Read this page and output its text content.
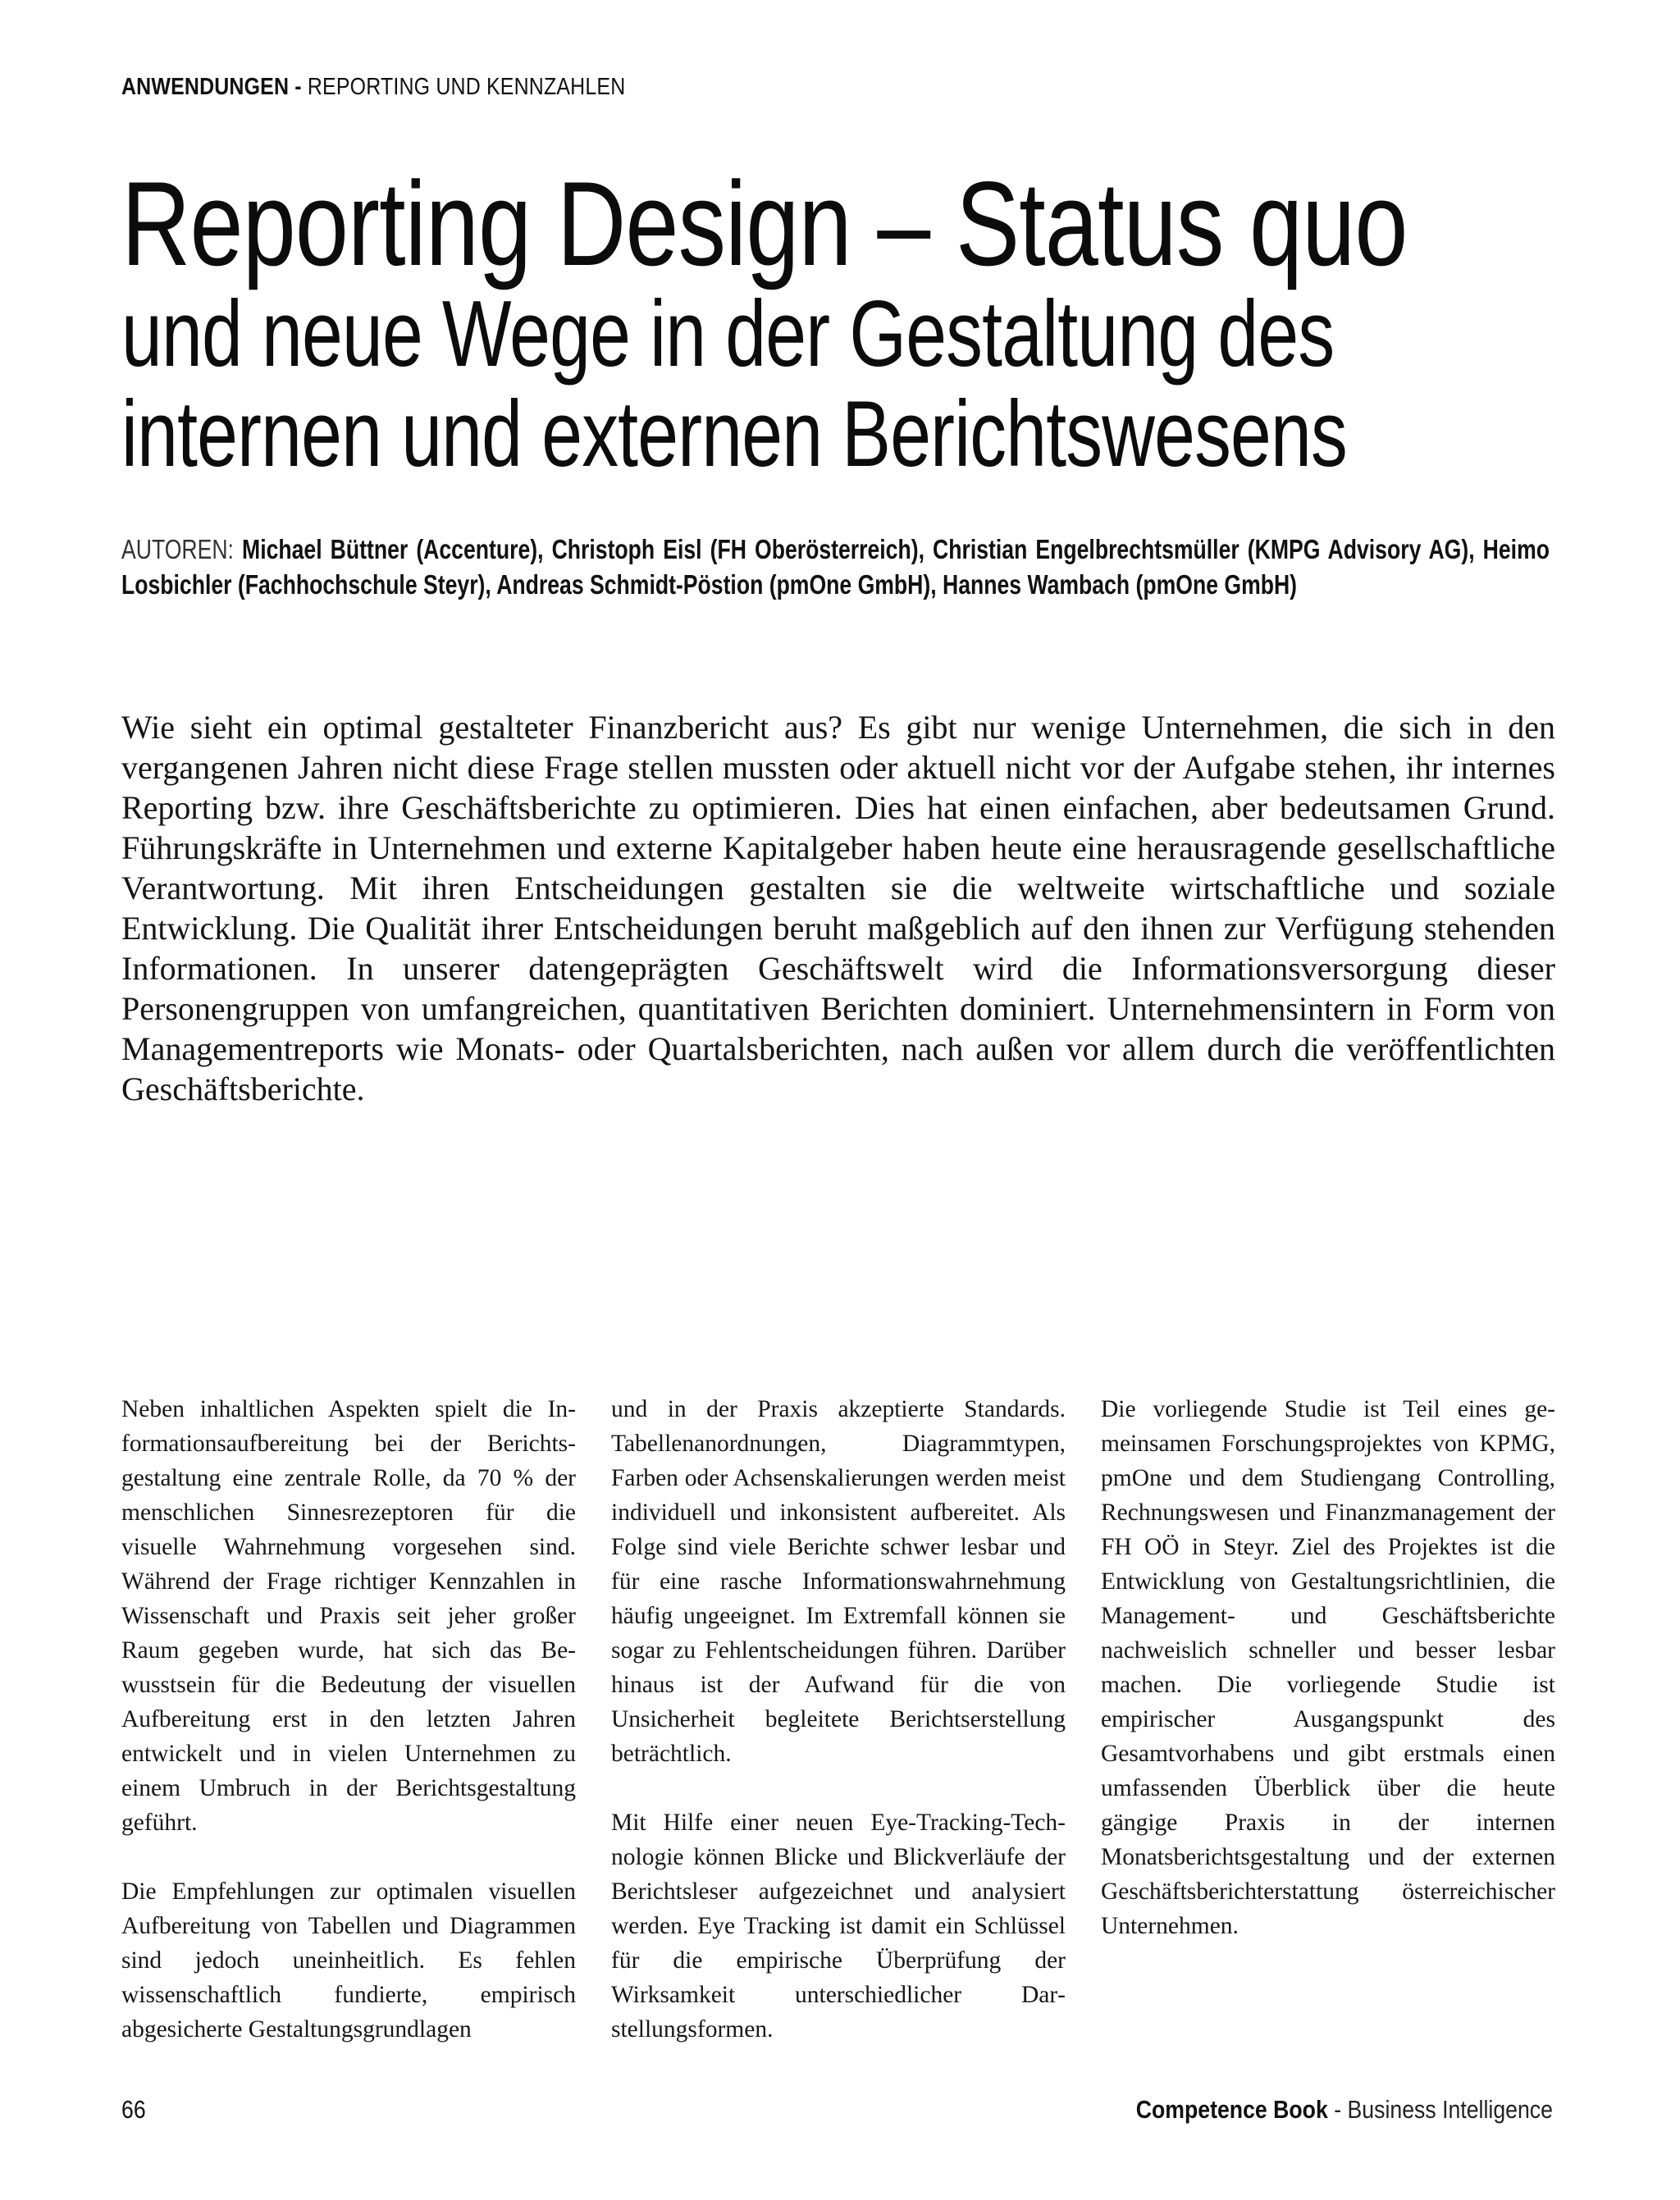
ANWENDUNGEN - REPORTING UND KENNZAHLEN
Reporting Design – Status quo
und neue Wege in der Gestaltung des
internen und externen Berichtswesens
AUTOREN: Michael Büttner (Accenture), Christoph Eisl (FH Oberösterreich), Christian Engelbrechtsmüller (KMPG Advisory AG), Heimo Losbichler (Fachhochschule Steyr), Andreas Schmidt-Pöstion (pmOne GmbH), Hannes Wambach (pmOne GmbH)

Wie sieht ein optimal gestalteter Finanzbericht aus? Es gibt nur wenige Unternehmen, die sich in den vergangenen Jahren nicht diese Frage stellen mussten oder aktuell nicht vor der Aufgabe stehen, ihr internes Reporting bzw. ihre Geschäftsberichte zu optimieren. Dies hat einen einfachen, aber bedeutsamen Grund. Führungskräfte in Unternehmen und externe Kapitalgeber haben heute eine herausragende gesellschaftliche Verantwortung. Mit ihren Entscheidungen gestalten sie die weltweite wirtschaftliche und soziale Entwicklung. Die Qualität ihrer Entscheidungen beruht maßgeblich auf den ihnen zur Verfügung stehenden Informationen. In unserer datengeprägten Geschäftswelt wird die Informationsversorgung dieser Personengruppen von umfangreichen, quantitativen Berichten dominiert. Unternehmensintern in Form von Managementreports wie Monats- oder Quartalsberichten, nach außen vor allem durch die veröffentlichten Geschäftsberichte.

Neben inhaltlichen Aspekten spielt die Informationsaufbereitung bei der Berichtsgestaltung eine zentrale Rolle, da 70 % der menschlichen Sinnesrezeptoren für die visuelle Wahrnehmung vorgesehen sind. Während der Frage richtiger Kennzahlen in Wissenschaft und Praxis seit jeher großer Raum gegeben wurde, hat sich das Bewusstsein für die Bedeutung der visuellen Aufbereitung erst in den letzten Jahren entwickelt und in vielen Unternehmen zu einem Umbruch in der Berichtsgestaltung geführt.

Die Empfehlungen zur optimalen visuellen Aufbereitung von Tabellen und Diagrammen sind jedoch uneinheitlich. Es fehlen wissenschaftlich fundierte, empirisch abgesicherte Gestaltungsgrundlagen

und in der Praxis akzeptierte Standards. Tabellenanordnungen, Diagrammtypen, Farben oder Achsenskalierungen werden meist individuell und inkonsistent aufbereitet. Als Folge sind viele Berichte schwer lesbar und für eine rasche Informationswahrnehmung häufig ungeeignet. Im Extremfall können sie sogar zu Fehlentscheidungen führen. Darüber hinaus ist der Aufwand für die von Unsicherheit begleitete Berichtserstellung beträchtlich.

Mit Hilfe einer neuen Eye-Tracking-Technologie können Blicke und Blickverläufe der Berichtsleser aufgezeichnet und analysiert werden. Eye Tracking ist damit ein Schlüssel für die empirische Überprüfung der Wirksamkeit unterschiedlicher Darstellungsformen.

Die vorliegende Studie ist Teil eines gemeinsamen Forschungsprojektes von KPMG, pmOne und dem Studiengang Controlling, Rechnungswesen und Finanzmanagement der FH OÖ in Steyr. Ziel des Projektes ist die Entwicklung von Gestaltungsrichtlinien, die Management- und Geschäftsberichte nachweislich schneller und besser lesbar machen. Die vorliegende Studie ist empirischer Ausgangspunkt des Gesamtvorhabens und gibt erstmals einen umfassenden Überblick über die heute gängige Praxis in der internen Monatsberichtsgestaltung und der externen Geschäftsberichterstattung österreichischer Unternehmen.

66	Competence Book - Business Intelligence
